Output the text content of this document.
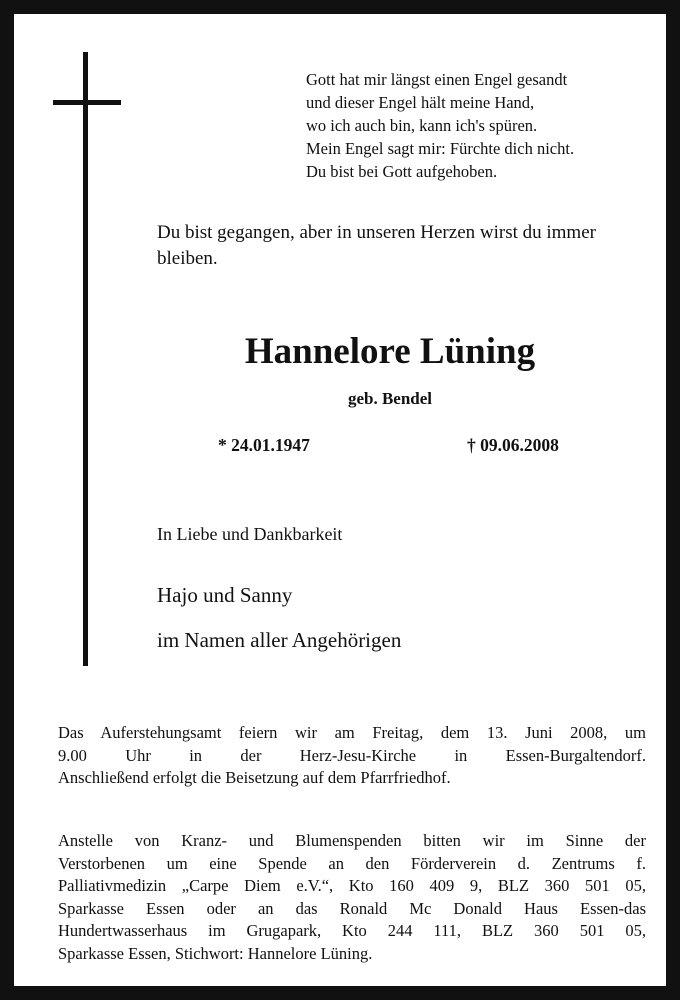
Gott hat mir längst einen Engel gesandt
und dieser Engel hält meine Hand,
wo ich auch bin, kann ich's spüren.
Mein Engel sagt mir: Fürchte dich nicht.
Du bist bei Gott aufgehoben.
Du bist gegangen, aber in unseren Herzen wirst du immer bleiben.
Hannelore Lüning
geb. Bendel
* 24.01.1947	† 09.06.2008
In Liebe und Dankbarkeit
Hajo und Sanny
im Namen aller Angehörigen
Das Auferstehungsamt feiern wir am Freitag, dem 13. Juni 2008, um
9.00 Uhr in der Herz-Jesu-Kirche in Essen-Burgaltendorf.
Anschließend erfolgt die Beisetzung auf dem Pfarrfriedhof.
Anstelle von Kranz- und Blumenspenden bitten wir im Sinne der
Verstorbenen um eine Spende an den Förderverein d. Zentrums f.
Palliativmedizin „Carpe Diem e.V.“, Kto 160 409 9, BLZ 360 501 05,
Sparkasse Essen oder an das Ronald Mc Donald Haus Essen-das
Hundertwasserhaus im Grugapark, Kto 244 111, BLZ 360 501 05,
Sparkasse Essen, Stichwort: Hannelore Lüning.
